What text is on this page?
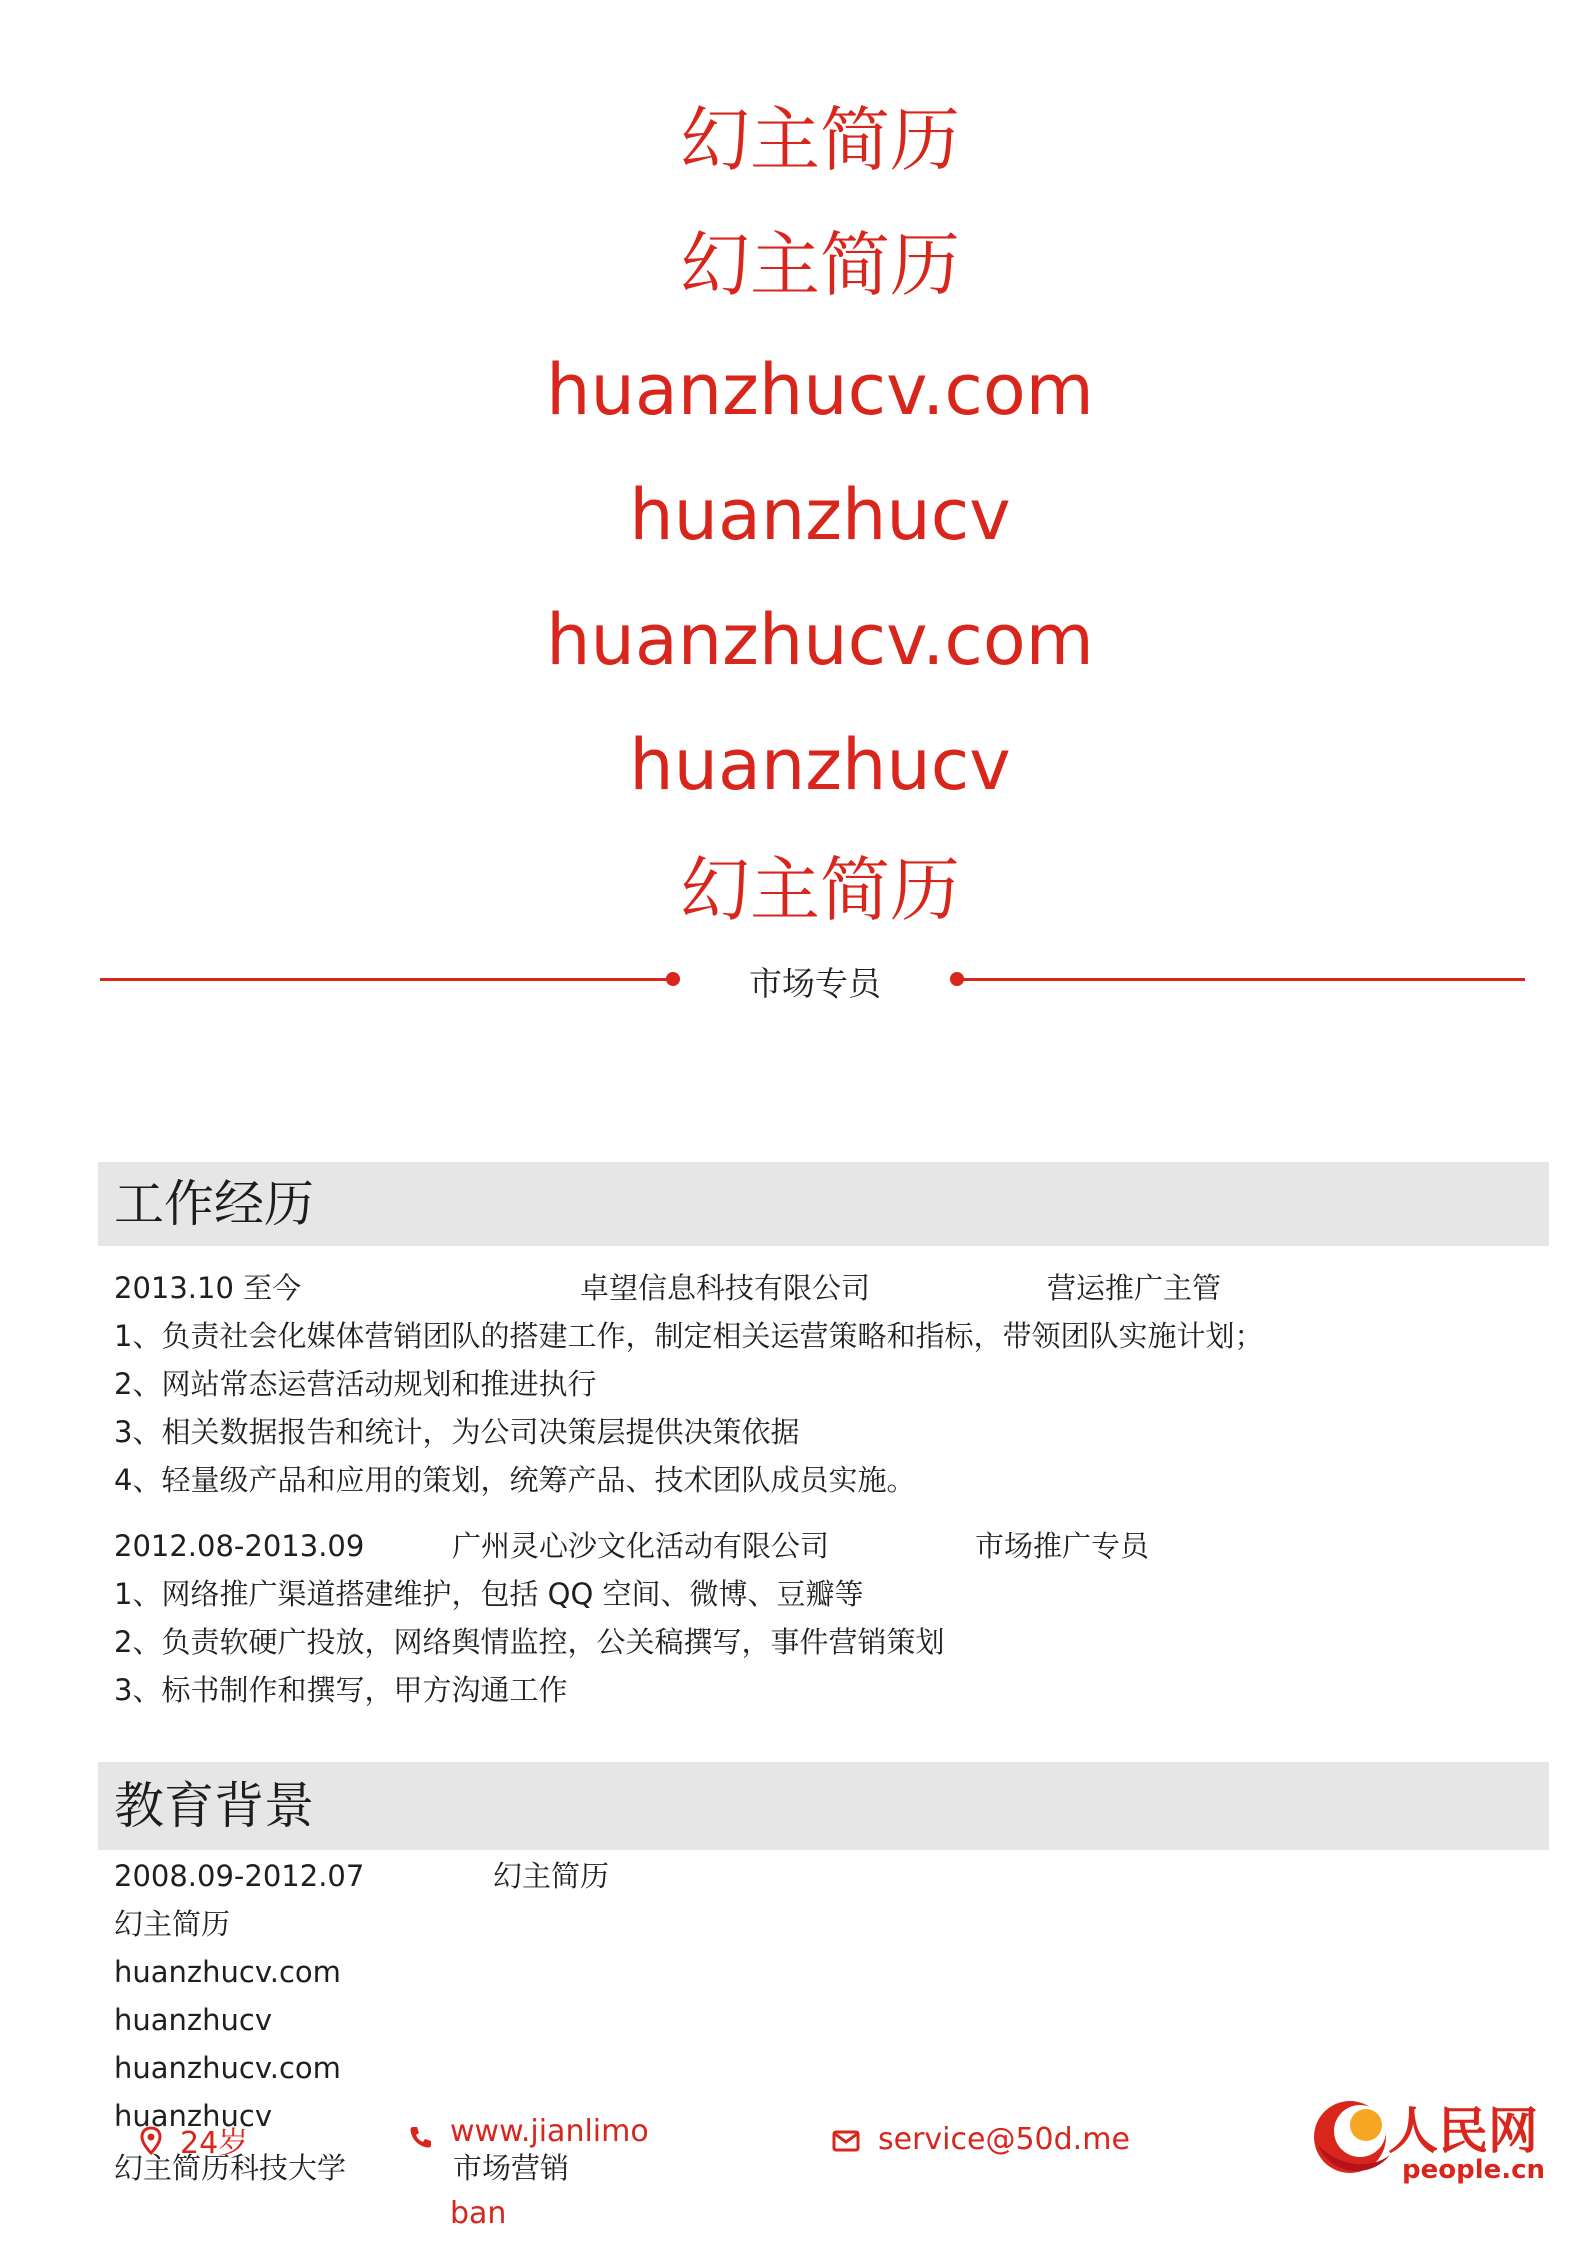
幻主简历
幻主简历
huanzhucv.com
huanzhucv
huanzhucv.com
huanzhucv
幻主简历
市场专员
工作经历
2013.10 至今	卓望信息科技有限公司	营运推广主管
1、负责社会化媒体营销团队的搭建工作，制定相关运营策略和指标，带领团队实施计划；
2、网站常态运营活动规划和推进执行
3、相关数据报告和统计，为公司决策层提供决策依据
4、轻量级产品和应用的策划，统筹产品、技术团队成员实施。
2012.08-2013.09	广州灵心沙文化活动有限公司	市场推广专员
1、网络推广渠道搭建维护，包括 QQ 空间、微博、豆瓣等
2、负责软硬广投放，网络舆情监控，公关稿撰写，事件营销策划
3、标书制作和撰写，甲方沟通工作
教育背景
2008.09-2012.07	幻主简历
幻主简历
huanzhucv.com
huanzhucv
huanzhucv.com
huanzhucv
幻主简历科技大学	市场营销
24岁	www.jianlimo
ban
service@50d.me	人民网
people.cn
